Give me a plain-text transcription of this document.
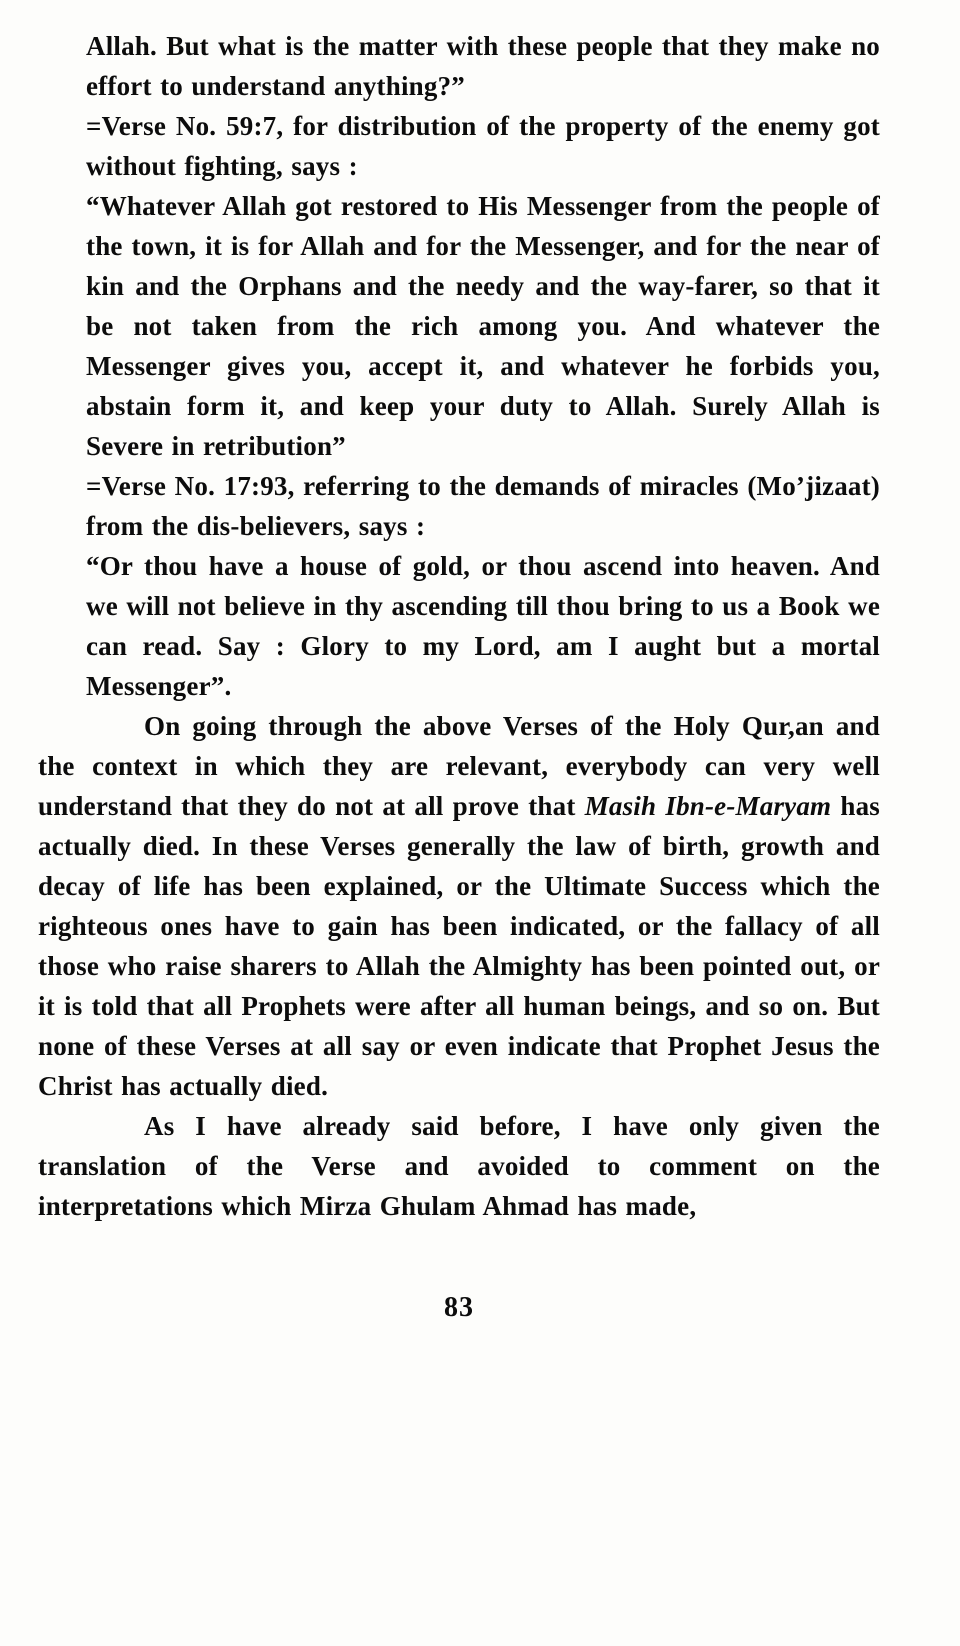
Allah. But what is the matter with these people that they make no effort to understand anything?”

=Verse No. 59:7, for distribution of the property of the enemy got without fighting, says :

“Whatever Allah got restored to His Messenger from the people of the town, it is for Allah and for the Messenger, and for the near of kin and the Orphans and the needy and the way-farer, so that it be not taken from the rich among you. And whatever the Messenger gives you, accept it, and whatever he forbids you, abstain form it, and keep your duty to Allah. Surely Allah is Severe in retribution”

=Verse No. 17:93, referring to the demands of miracles (Mo’jizaat) from the dis-believers, says :

“Or thou have a house of gold, or thou ascend into heaven. And we will not believe in thy ascending till thou bring to us a Book we can read. Say : Glory to my Lord, am I aught but a mortal Messenger”.

On going through the above Verses of the Holy Qur,an and the context in which they are relevant, everybody can very well understand that they do not at all prove that Masih Ibn-e-Maryam has actually died. In these Verses generally the law of birth, growth and decay of life has been explained, or the Ultimate Success which the righteous ones have to gain has been indicated, or the fallacy of all those who raise sharers to Allah the Almighty has been pointed out, or it is told that all Prophets were after all human beings, and so on. But none of these Verses at all say or even indicate that Prophet Jesus the Christ has actually died.

As I have already said before, I have only given the translation of the Verse and avoided to comment on the interpretations which Mirza Ghulam Ahmad has made,

83
